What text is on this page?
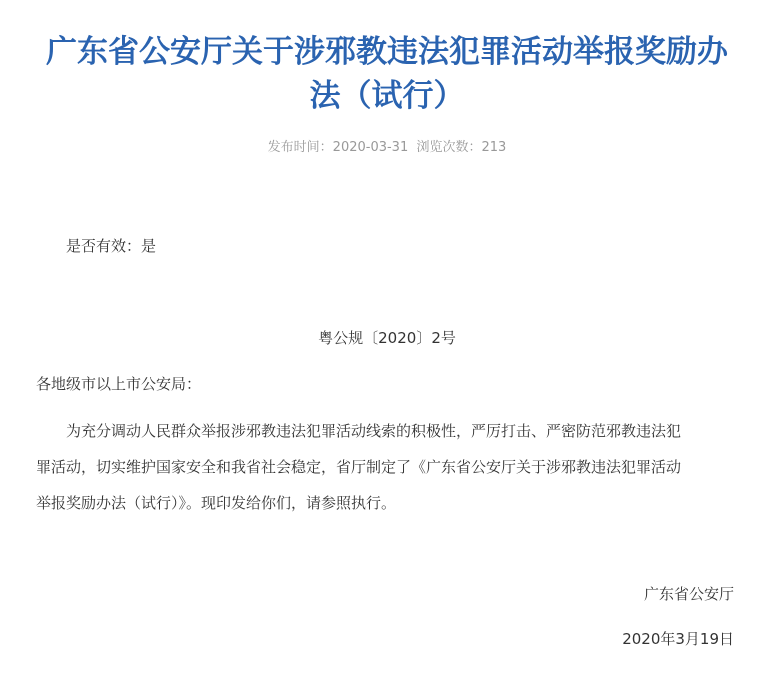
广东省公安厅关于涉邪教违法犯罪活动举报奖励办
法（试行）
发布时间：2020-03-31 浏览次数：213

是否有效：是

粤公规〔2020〕2号

各地级市以上市公安局：

为充分调动人民群众举报涉邪教违法犯罪活动线索的积极性，严厉打击、严密防范邪教违法犯
罪活动，切实维护国家安全和我省社会稳定，省厅制定了《广东省公安厅关于涉邪教违法犯罪活动
举报奖励办法（试行）》。现印发给你们，请参照执行。

广东省公安厅

2020年3月19日
